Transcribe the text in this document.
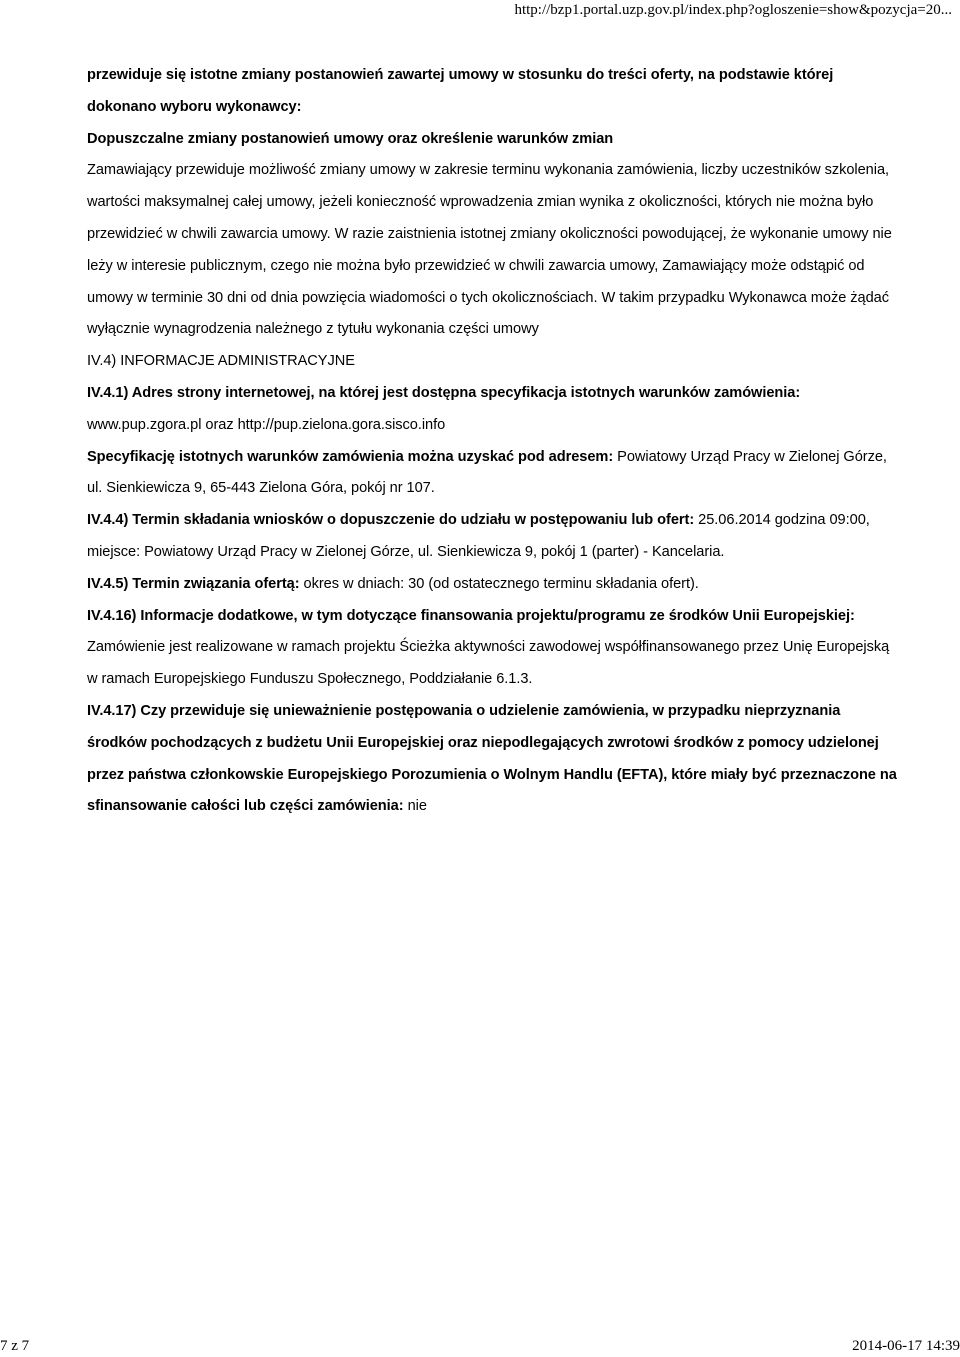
http://bzp1.portal.uzp.gov.pl/index.php?ogloszenie=show&pozycja=20...

przewiduje się istotne zmiany postanowień zawartej umowy w stosunku do treści oferty, na podstawie której dokonano wyboru wykonawcy:

Dopuszczalne zmiany postanowień umowy oraz określenie warunków zmian

Zamawiający przewiduje możliwość zmiany umowy w zakresie terminu wykonania zamówienia, liczby uczestników szkolenia, wartości maksymalnej całej umowy, jeżeli konieczność wprowadzenia zmian wynika z okoliczności, których nie można było przewidzieć w chwili zawarcia umowy. W razie zaistnienia istotnej zmiany okoliczności powodującej, że wykonanie umowy nie leży w interesie publicznym, czego nie można było przewidzieć w chwili zawarcia umowy, Zamawiający może odstąpić od umowy w terminie 30 dni od dnia powzięcia wiadomości o tych okolicznościach. W takim przypadku Wykonawca może żądać wyłącznie wynagrodzenia należnego z tytułu wykonania części umowy

IV.4) INFORMACJE ADMINISTRACYJNE

IV.4.1) Adres strony internetowej, na której jest dostępna specyfikacja istotnych warunków zamówienia:
www.pup.zgora.pl oraz http://pup.zielona.gora.sisco.info

Specyfikację istotnych warunków zamówienia można uzyskać pod adresem: Powiatowy Urząd Pracy w Zielonej Górze, ul. Sienkiewicza 9, 65-443 Zielona Góra, pokój nr 107.

IV.4.4) Termin składania wniosków o dopuszczenie do udziału w postępowaniu lub ofert: 25.06.2014 godzina 09:00, miejsce: Powiatowy Urząd Pracy w Zielonej Górze, ul. Sienkiewicza 9, pokój 1 (parter) - Kancelaria.

IV.4.5) Termin związania ofertą: okres w dniach: 30 (od ostatecznego terminu składania ofert).

IV.4.16) Informacje dodatkowe, w tym dotyczące finansowania projektu/programu ze środków Unii Europejskiej: Zamówienie jest realizowane w ramach projektu Ścieżka aktywności zawodowej współfinansowanego przez Unię Europejską w ramach Europejskiego Funduszu Społecznego, Poddziałanie 6.1.3.

IV.4.17) Czy przewiduje się unieważnienie postępowania o udzielenie zamówienia, w przypadku nieprzyznania środków pochodzących z budżetu Unii Europejskiej oraz niepodlegających zwrotowi środków z pomocy udzielonej przez państwa członkowskie Europejskiego Porozumienia o Wolnym Handlu (EFTA), które miały być przeznaczone na sfinansowanie całości lub części zamówienia: nie

7 z 7	2014-06-17 14:39
